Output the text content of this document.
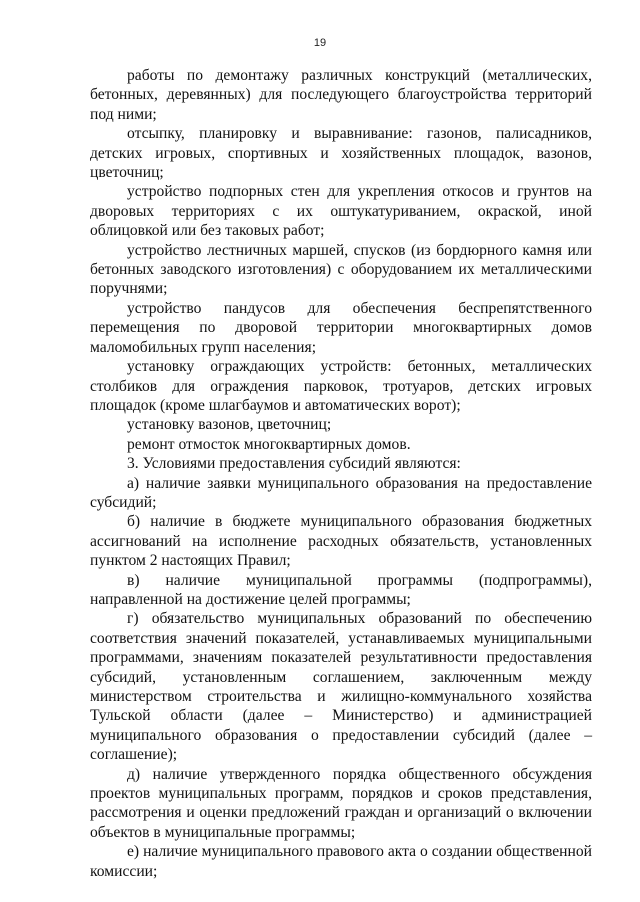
19

работы по демонтажу различных конструкций (металлических, бетонных, деревянных) для последующего благоустройства территорий под ними;

отсыпку, планировку и выравнивание: газонов, палисадников, детских игровых, спортивных и хозяйственных площадок, вазонов, цветочниц;

устройство подпорных стен для укрепления откосов и грунтов на дворовых территориях с их оштукатуриванием, окраской, иной облицовкой или без таковых работ;

устройство лестничных маршей, спусков (из бордюрного камня или бетонных заводского изготовления) с оборудованием их металлическими поручнями;

устройство пандусов для обеспечения беспрепятственного перемещения по дворовой территории многоквартирных домов маломобильных групп населения;

установку ограждающих устройств: бетонных, металлических столбиков для ограждения парковок, тротуаров, детских игровых площадок (кроме шлагбаумов и автоматических ворот);

установку вазонов, цветочниц;

ремонт отмосток многоквартирных домов.

3. Условиями предоставления субсидий являются:

а) наличие заявки муниципального образования на предоставление субсидий;

б) наличие в бюджете муниципального образования бюджетных ассигнований на исполнение расходных обязательств, установленных пунктом 2 настоящих Правил;

в) наличие муниципальной программы (подпрограммы), направленной на достижение целей программы;

г) обязательство муниципальных образований по обеспечению соответствия значений показателей, устанавливаемых муниципальными программами, значениям показателей результативности предоставления субсидий, установленным соглашением, заключенным между министерством строительства и жилищно-коммунального хозяйства Тульской области (далее – Министерство) и администрацией муниципального образования о предоставлении субсидий (далее – соглашение);

д) наличие утвержденного порядка общественного обсуждения проектов муниципальных программ, порядков и сроков представления, рассмотрения и оценки предложений граждан и организаций о включении объектов в муниципальные программы;

е) наличие муниципального правового акта о создании общественной комиссии;
